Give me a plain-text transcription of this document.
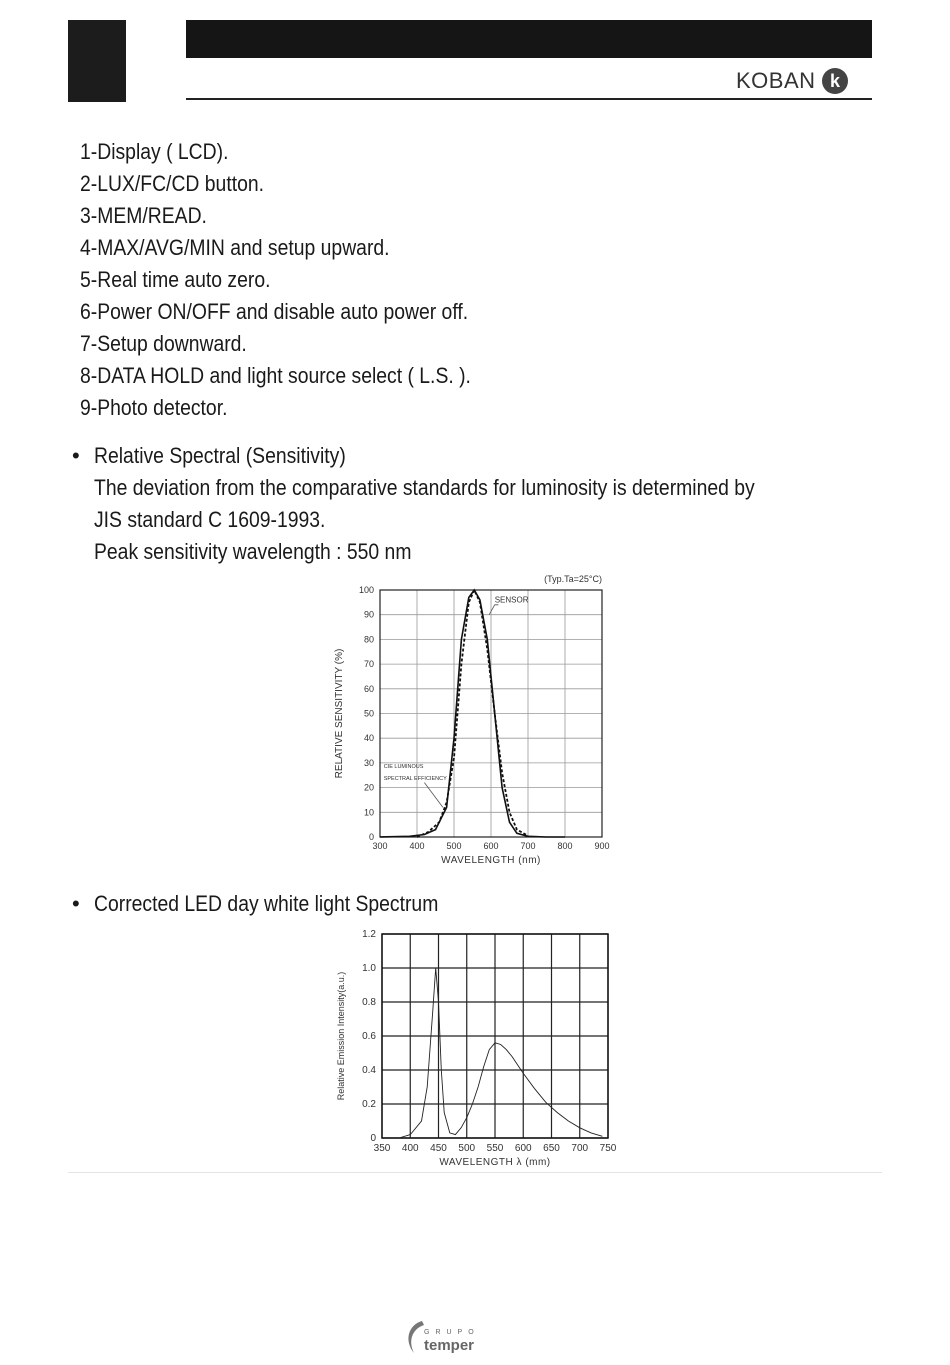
KOBAN k
1-Display ( LCD).
2-LUX/FC/CD button.
3-MEM/READ.
4-MAX/AVG/MIN and setup upward.
5-Real time auto zero.
6-Power ON/OFF and disable auto power off.
7-Setup downward.
8-DATA HOLD and light source select ( L.S. ).
9-Photo detector.
• Relative Spectral (Sensitivity)
The deviation from the comparative standards for luminosity is determined by
JIS standard C 1609-1993.
Peak sensitivity wavelength : 550 nm
300 400 500 600 700 800 900
0
10
20
30
40
50
60
70
80
90
100
(Typ.Ta=25°C)
SENSOR
CIE LUMINOUS
SPECTRAL EFFICIENCY
WAVELENGTH (nm)
RELATIVE SENSITIVITY (%)
• Corrected LED day white light Spectrum
350 400 450 500 550 600 650 700 750
0
0.2
0.4
0.6
0.8
1.0
1.2
WAVELENGTH λ (mm)
Relative Emission Intensity(a.u.)
GRUPO
temper
